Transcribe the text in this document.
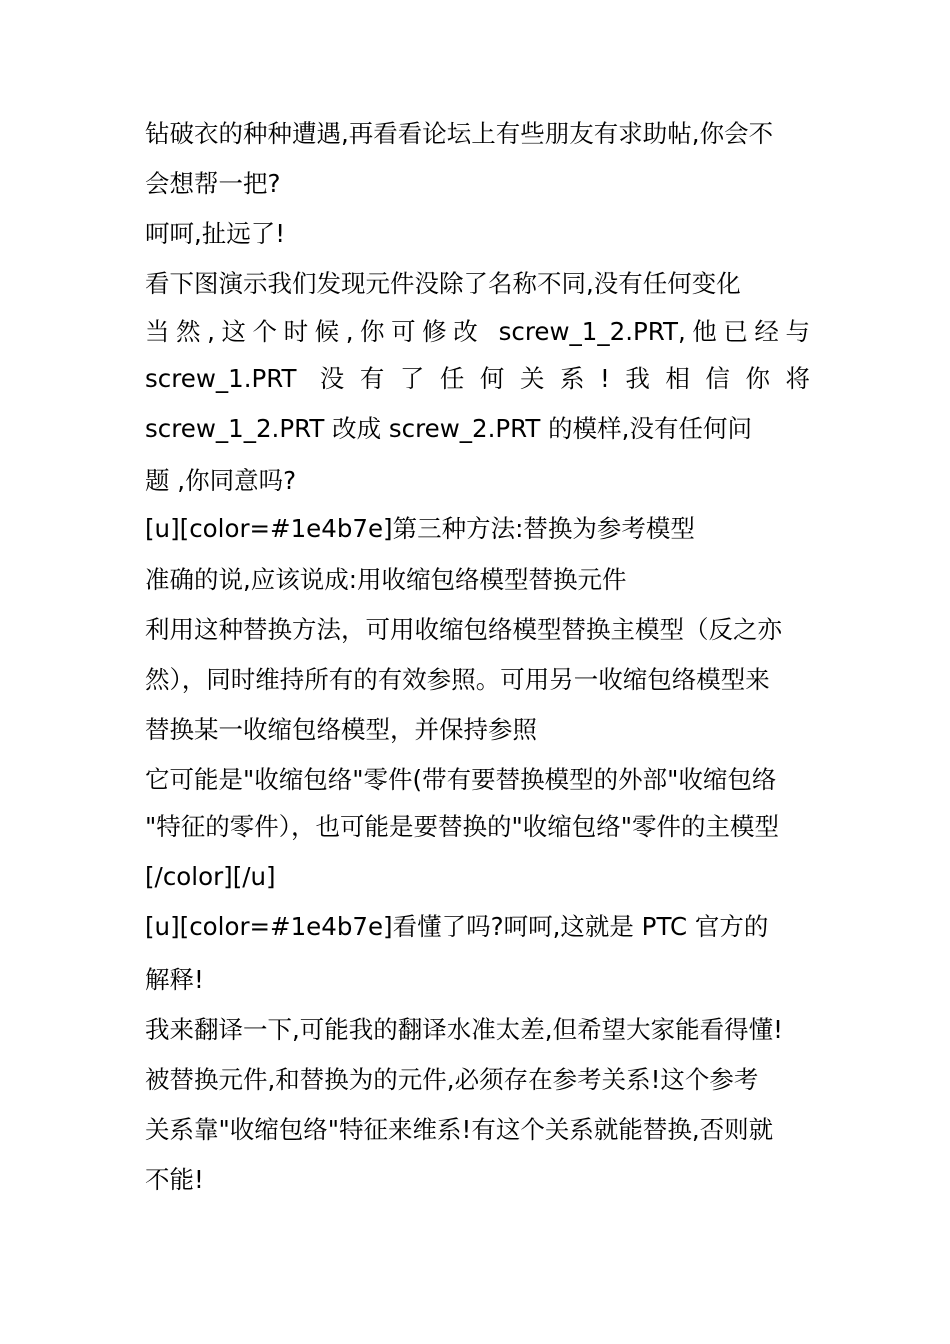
钻破衣的种种遭遇,再看看论坛上有些朋友有求助帖,你会不
会想帮一把?
呵呵,扯远了!
看下图演示我们发现元件没除了名称不同,没有任何变化
当然,这个时候,你可修改 screw_1_2.PRT,他已经与
screw_1.PRT 没有了任何关系!我相信你将
screw_1_2.PRT 改成 screw_2.PRT 的模样,没有任何问
题 ,你同意吗?
[u][color=#1e4b7e]第三种方法:替换为参考模型
准确的说,应该说成:用收缩包络模型替换元件
利用这种替换方法，可用收缩包络模型替换主模型（反之亦
然），同时维持所有的有效参照。可用另一收缩包络模型来
替换某一收缩包络模型，并保持参照
它可能是"收缩包络"零件(带有要替换模型的外部"收缩包络
"特征的零件），也可能是要替换的"收缩包络"零件的主模型
[/color][/u]
[u][color=#1e4b7e]看懂了吗?呵呵,这就是 PTC 官方的
解释!
我来翻译一下,可能我的翻译水准太差,但希望大家能看得懂!
被替换元件,和替换为的元件,必须存在参考关系!这个参考
关系靠"收缩包络"特征来维系!有这个关系就能替换,否则就
不能!
